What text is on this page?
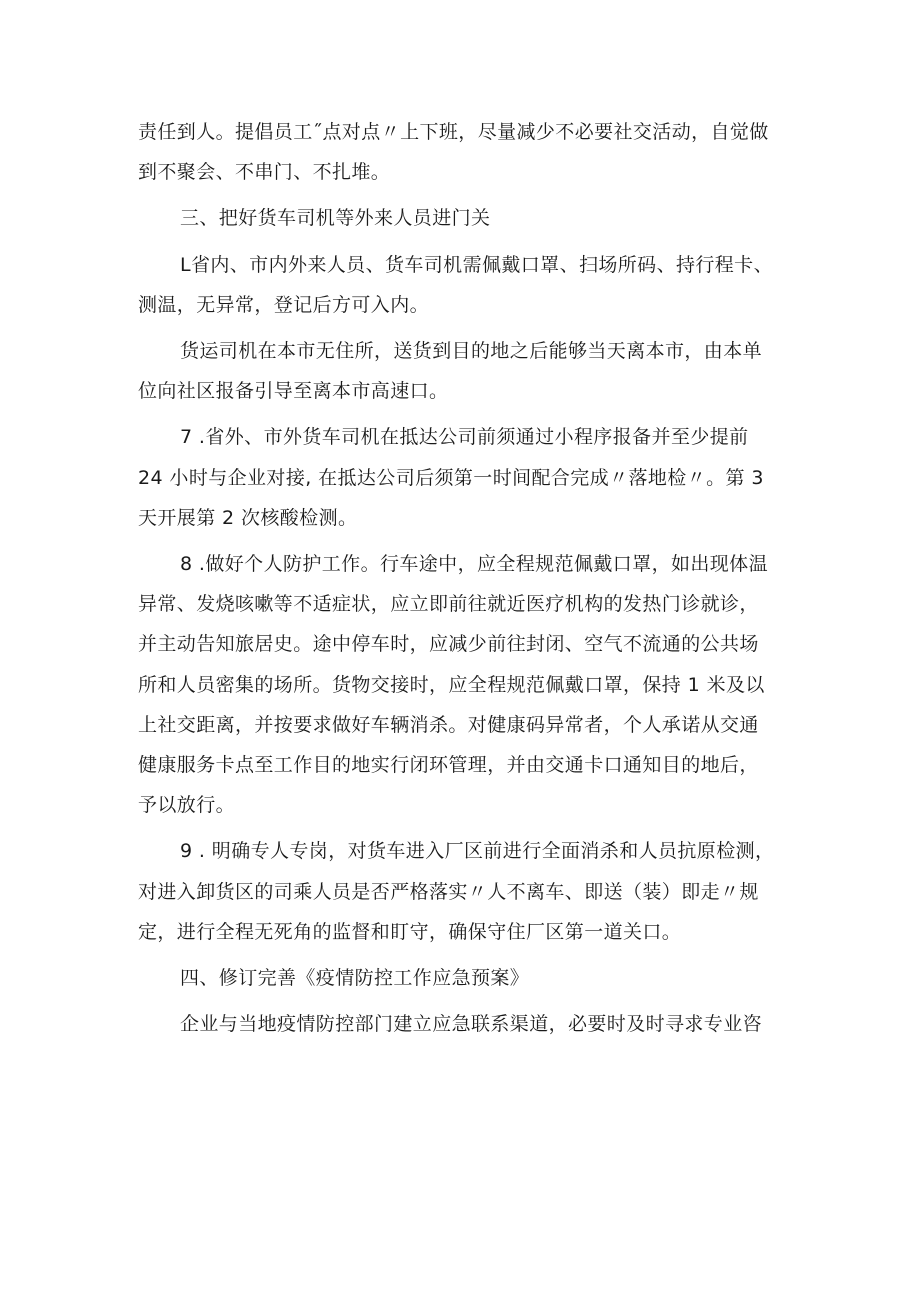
责任到人。提倡员工˝点对点〃上下班，尽量减少不必要社交活动，自觉做
到不聚会、不串门、不扎堆。
三、把好货车司机等外来人员进门关
L省内、市内外来人员、货车司机需佩戴口罩、扫场所码、持行程卡、
测温，无异常，登记后方可入内。
货运司机在本市无住所，送货到目的地之后能够当天离本市，由本单
位向社区报备引导至离本市高速口。
7 .省外、市外货车司机在抵达公司前须通过小程序报备并至少提前
24 小时与企业对接, 在抵达公司后须第一时间配合完成〃落地检〃。第 3
天开展第 2 次核酸检测。
8 .做好个人防护工作。行车途中，应全程规范佩戴口罩，如出现体温
异常、发烧咳嗽等不适症状，应立即前往就近医疗机构的发热门诊就诊，
并主动告知旅居史。途中停车时，应减少前往封闭、空气不流通的公共场
所和人员密集的场所。货物交接时，应全程规范佩戴口罩，保持 1 米及以
上社交距离，并按要求做好车辆消杀。对健康码异常者，个人承诺从交通
健康服务卡点至工作目的地实行闭环管理，并由交通卡口通知目的地后，
予以放行。
9 . 明确专人专岗，对货车进入厂区前进行全面消杀和人员抗原检测，
对进入卸货区的司乘人员是否严格落实〃人不离车、即送（装）即走〃规
定，进行全程无死角的监督和盯守，确保守住厂区第一道关口。
四、修订完善《疫情防控工作应急预案》
企业与当地疫情防控部门建立应急联系渠道，必要时及时寻求专业咨
